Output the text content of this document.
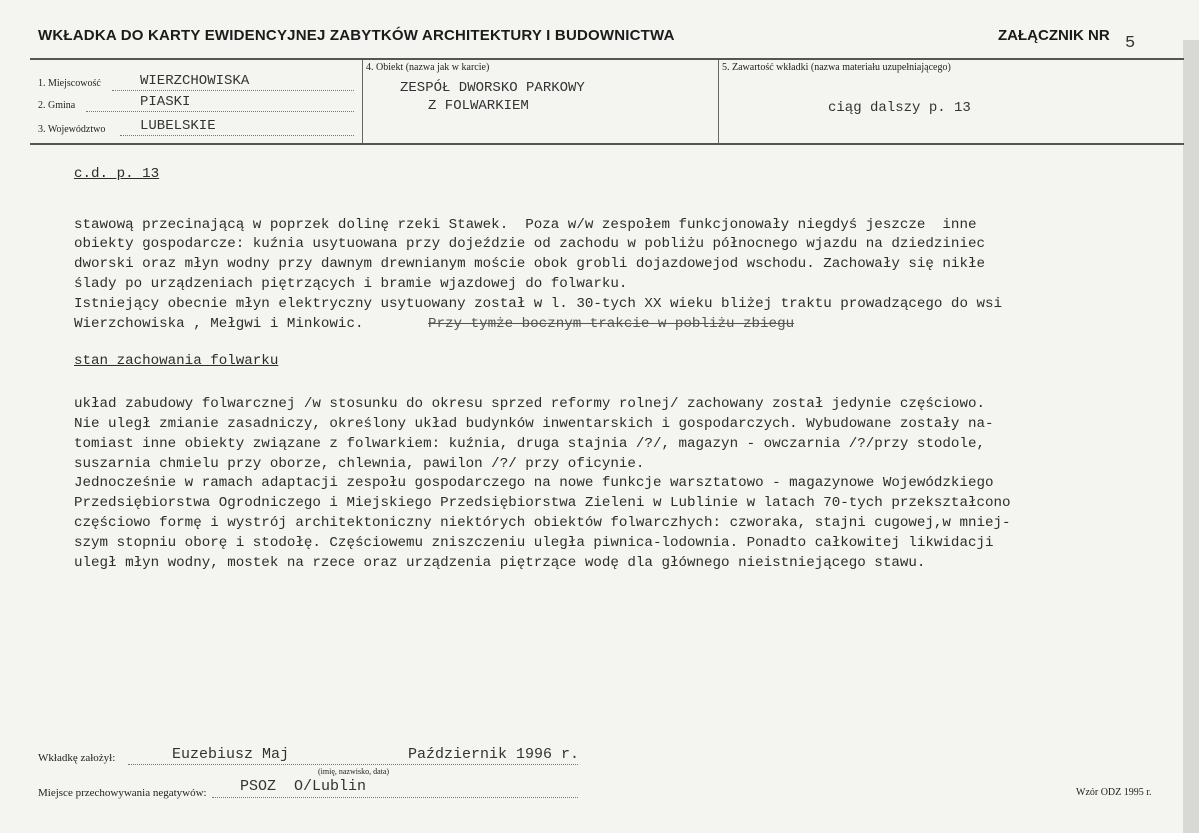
WKŁADKA DO KARTY EWIDENCYJNEJ ZABYTKÓW ARCHITEKTURY I BUDOWNICTWA	ZAŁĄCZNIK NR 5
1. Miejscowość	WIERZCHOWISKA
2. Gmina	PIASKI
3. Województwo LUBELSKIE
4. Obiekt (nazwa jak w karcie)
ZESPÓŁ DWORSKO PARKOWY
Z FOLWARKIEM
5. Zawartość wkładki (nazwa materiału uzupełniającego)
ciąg dalszy p. 13
c.d. p. 13
stawową przecinającą w poprzek dolinę rzeki Stawek.  Poza w/w zespołem funkcjonowały niegdyś jeszcze  inne
obiekty gospodarcze: kuźnia usytuowana przy dojeździe od zachodu w pobliżu północnego wjazdu na dziedziniec
dworski oraz młyn wodny przy dawnym drewnianym moście obok grobli dojazdowejod wschodu. Zachowały się nikłe
ślady po urządzeniach piętrzących i bramie wjazdowej do folwarku.
Istniejący obecnie młyn elektryczny usytuowany został w l. 30-tych XX wieku bliżej traktu prowadzącego do wsi
Wierzchowiska , Mełgwi i Minkowic.	Przy tymże bocznym trakcie w pobliżu zbiegu
stan zachowania folwarku
układ zabudowy folwarcznej /w stosunku do okresu sprzed reformy rolnej/ zachowany został jedynie częściowo.
Nie uległ zmianie zasadniczy, określony układ budynków inwentarskich i gospodarczych. Wybudowane zostały na-
tomiast inne obiekty związane z folwarkiem: kuźnia, druga stajnia /?/, magazyn - owczarnia /?/przy stodole,
suszarnia chmielu przy oborze, chlewnia, pawilon /?/ przy oficynie.
Jednocześnie w ramach adaptacji zespołu gospodarczego na nowe funkcje warsztatowo - magazynowe Wojewódzkiego
Przedsiębiorstwa Ogrodniczego i Miejskiego Przedsiębiorstwa Zieleni w Lublinie w latach 70-tych przekształcono
częściowo formę i wystrój architektoniczny niektórych obiektów folwarczhych: czworaka, stajni cugowej,w mniej-
szym stopniu oborę i stodołę. Częściowemu zniszczeniu uległa piwnica-lodownia. Ponadto całkowitej likwidacji
uległ młyn wodny, mostek na rzece oraz urządzenia piętrzące wodę dla głównego nieistniejącego stawu.
Wkładkę założył:	Euzebiusz Maj	Październik 1996 r.
(imię, nazwisko, data)
Miejsce przechowywania negatywów: PSOZ  O/Lublin	Wzór ODZ 1995 r.
